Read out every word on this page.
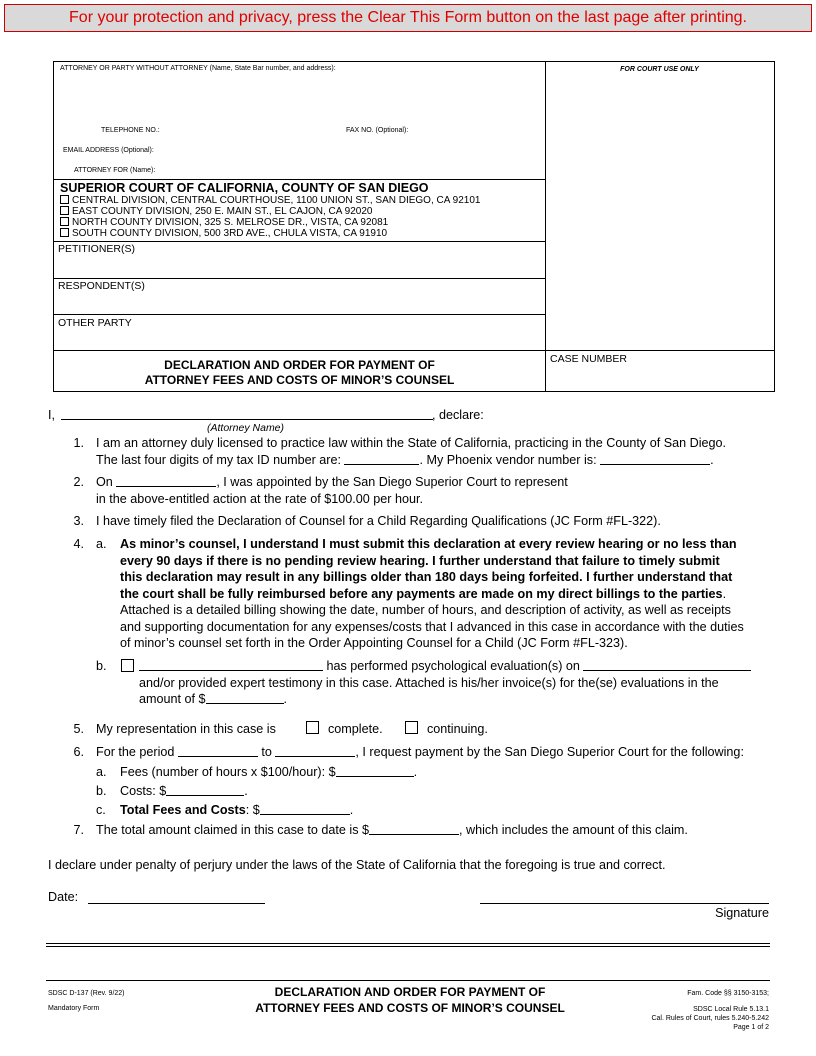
For your protection and privacy, press the Clear This Form button on the last page after printing.
ATTORNEY OR PARTY WITHOUT ATTORNEY (Name, State Bar number, and address):	FOR COURT USE ONLY
TELEPHONE NO.:	FAX NO. (Optional):
EMAIL ADDRESS (Optional):
ATTORNEY FOR (Name):
SUPERIOR COURT OF CALIFORNIA, COUNTY OF SAN DIEGO
CENTRAL DIVISION, CENTRAL COURTHOUSE, 1100 UNION ST., SAN DIEGO, CA 92101
EAST COUNTY DIVISION, 250 E. MAIN ST., EL CAJON, CA 92020
NORTH COUNTY DIVISION, 325 S. MELROSE DR., VISTA, CA 92081
SOUTH COUNTY DIVISION, 500 3RD AVE., CHULA VISTA, CA 91910
PETITIONER(S)
RESPONDENT(S)
OTHER PARTY
DECLARATION AND ORDER FOR PAYMENT OF
ATTORNEY FEES AND COSTS OF MINOR’S COUNSEL
CASE NUMBER
I,	, declare:
(Attorney Name)
1. I am an attorney duly licensed to practice law within the State of California, practicing in the County of San Diego.
The last four digits of my tax ID number are:	. My Phoenix vendor number is:	.
2. On	, I was appointed by the San Diego Superior Court to represent
in the above-entitled action at the rate of $100.00 per hour.
3. I have timely filed the Declaration of Counsel for a Child Regarding Qualifications (JC Form #FL-322).
4. a. As minor’s counsel, I understand I must submit this declaration at every review hearing or no less than
every 90 days if there is no pending review hearing. I further understand that failure to timely submit
this declaration may result in any billings older than 180 days being forfeited. I further understand that
the court shall be fully reimbursed before any payments are made on my direct billings to the parties.
Attached is a detailed billing showing the date, number of hours, and description of activity, as well as receipts
and supporting documentation for any expenses/costs that I advanced in this case in accordance with the duties
of minor’s counsel set forth in the Order Appointing Counsel for a Child (JC Form #FL-323).
b.	has performed psychological evaluation(s) on
and/or provided expert testimony in this case. Attached is his/her invoice(s) for the(se) evaluations in the
amount of $	.
5. My representation in this case is	complete.	continuing.
6. For the period	to	, I request payment by the San Diego Superior Court for the following:
a. Fees (number of hours x $100/hour): $	.
b. Costs: $	.
c. Total Fees and Costs: $	.
7. The total amount claimed in this case to date is $	, which includes the amount of this claim.
I declare under penalty of perjury under the laws of the State of California that the foregoing is true and correct.
Date:
Signature
SDSC D-137 (Rev. 9/22)
Mandatory Form
DECLARATION AND ORDER FOR PAYMENT OF
ATTORNEY FEES AND COSTS OF MINOR’S COUNSEL
Fam. Code §§ 3150-3153;
SDSC Local Rule 5.13.1
Cal. Rules of Court, rules 5.240-5.242
Page 1 of 2
